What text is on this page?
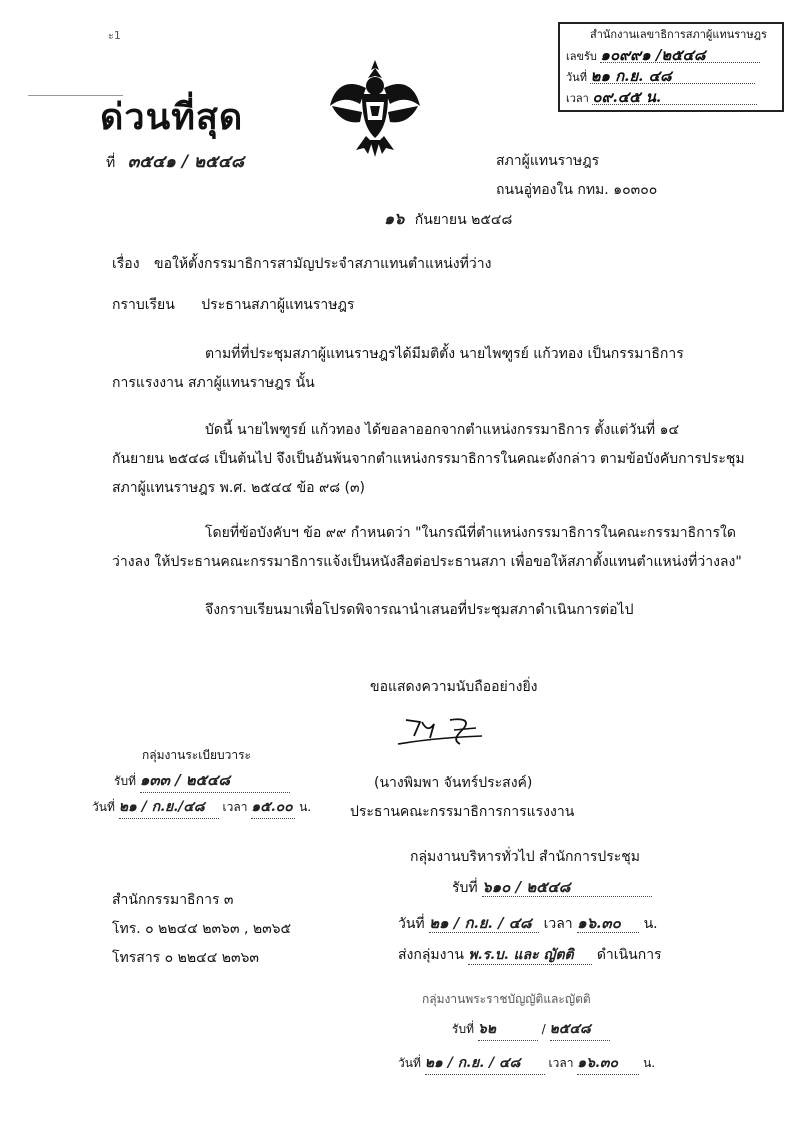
ะ1
ด่วนที่สุด
ที่ ๓๕๔๑ / ๒๕๔๘
สำนักงานเลขาธิการสภาผู้แทนราษฎร
เลขรับ ๑๐๙๙๑ /๒๕๔๘
วันที่ ๒๑ ก.ย. ๔๘
เวลา ๐๙.๔๕ น.
สภาผู้แทนราษฎร
ถนนอู่ทองใน กทม. ๑๐๓๐๐
๑๖ กันยายน ๒๕๔๘
เรื่อง ขอให้ตั้งกรรมาธิการสามัญประจำสภาแทนตำแหน่งที่ว่าง
กราบเรียน ประธานสภาผู้แทนราษฎร
ตามที่ที่ประชุมสภาผู้แทนราษฎรได้มีมติตั้ง นายไพฑูรย์ แก้วทอง เป็นกรรมาธิการ
การแรงงาน สภาผู้แทนราษฎร นั้น
บัดนี้ นายไพฑูรย์ แก้วทอง ได้ขอลาออกจากตำแหน่งกรรมาธิการ ตั้งแต่วันที่ ๑๔
กันยายน ๒๕๔๘ เป็นต้นไป จึงเป็นอันพ้นจากตำแหน่งกรรมาธิการในคณะดังกล่าว ตามข้อบังคับการประชุม
สภาผู้แทนราษฎร พ.ศ. ๒๕๔๔ ข้อ ๙๘ (๓)
โดยที่ข้อบังคับฯ ข้อ ๙๙ กำหนดว่า "ในกรณีที่ตำแหน่งกรรมาธิการในคณะกรรมาธิการใด
ว่างลง ให้ประธานคณะกรรมาธิการแจ้งเป็นหนังสือต่อประธานสภา เพื่อขอให้สภาตั้งแทนตำแหน่งที่ว่างลง"
จึงกราบเรียนมาเพื่อโปรดพิจารณานำเสนอที่ประชุมสภาดำเนินการต่อไป
ขอแสดงความนับถืออย่างยิ่ง
(นางพิมพา จันทร์ประสงค์)
ประธานคณะกรรมาธิการการแรงงาน
กลุ่มงานระเบียบวาระ
รับที่ ๑๓๓ / ๒๕๔๘
วันที่ ๒๑ / ก.ย./๔๘ เวลา ๑๕.๐๐ น.
กลุ่มงานบริหารทั่วไป สำนักการประชุม
รับที่ ๖๑๐ / ๒๕๔๘
วันที่ ๒๑ / ก.ย. / ๔๘ เวลา ๑๖.๓๐ น.
ส่งกลุ่มงาน พ.ร.บ. และ ญัตติ ดำเนินการ
สำนักกรรมาธิการ ๓
โทร. ๐ ๒๒๔๔ ๒๓๖๓ , ๒๓๖๕
โทรสาร ๐ ๒๒๔๔ ๒๓๖๓
กลุ่มงานพระราชบัญญัติและญัตติ
รับที่ ๖๒	/ ๒๕๔๘
วันที่ ๒๑ / ก.ย. / ๔๘ เวลา ๑๖.๓๐ น.
